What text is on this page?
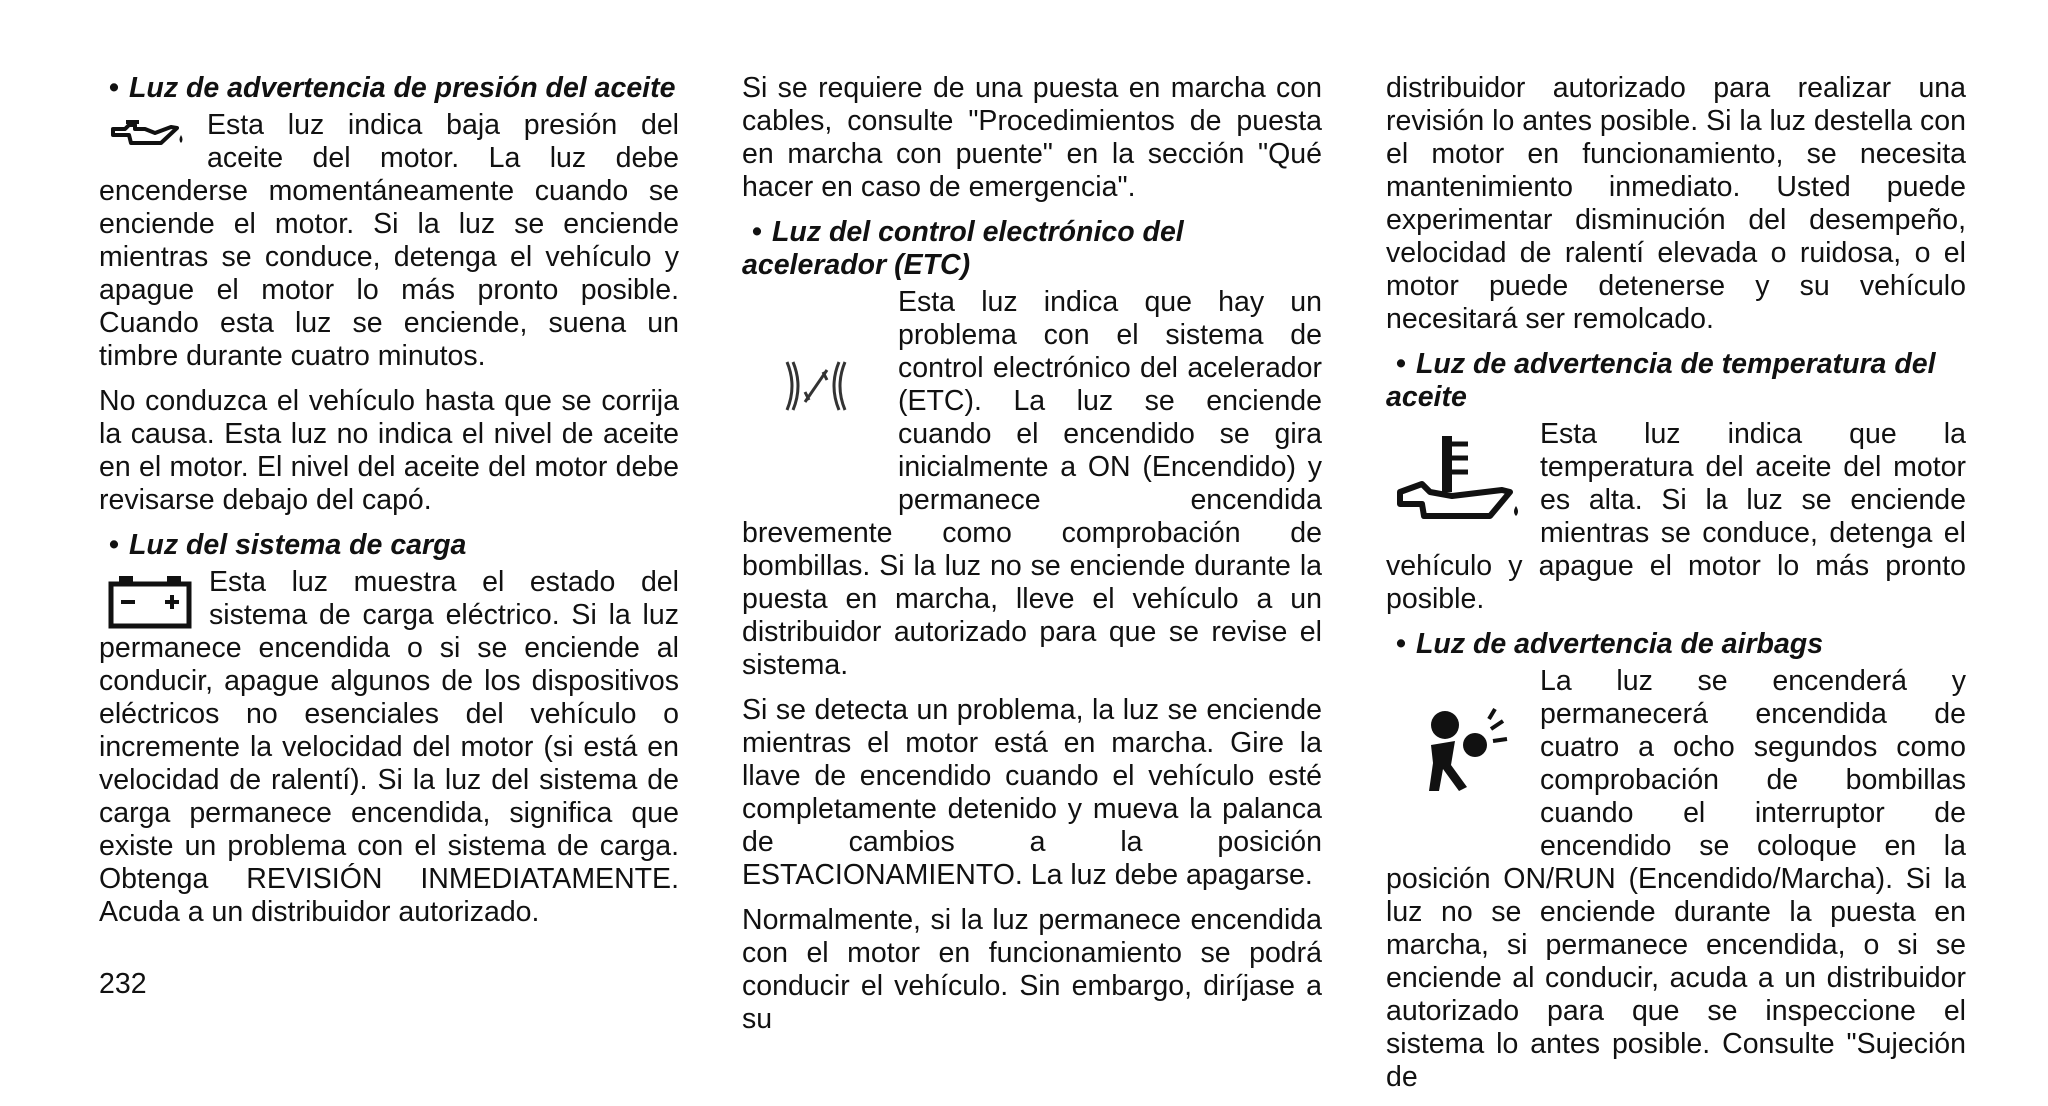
• Luz de advertencia de presión del aceite

Esta luz indica baja presión del aceite del motor. La luz debe encenderse momentáneamente cuando se enciende el motor. Si la luz se enciende mientras se conduce, detenga el vehículo y apague el motor lo más pronto posible. Cuando esta luz se enciende, suena un timbre durante cuatro minutos.

No conduzca el vehículo hasta que se corrija la causa. Esta luz no indica el nivel de aceite en el motor. El nivel del aceite del motor debe revisarse debajo del capó.

• Luz del sistema de carga

Esta luz muestra el estado del sistema de carga eléctrico. Si la luz permanece encendida o si se enciende al conducir, apague algunos de los dispositivos eléctricos no esenciales del vehículo o incremente la velocidad del motor (si está en velocidad de ralentí). Si la luz del sistema de carga permanece encendida, significa que existe un problema con el sistema de carga. Obtenga REVISIÓN INMEDIATAMENTE. Acuda a un distribuidor autorizado.

Si se requiere de una puesta en marcha con cables, consulte "Procedimientos de puesta en marcha con puente" en la sección "Qué hacer en caso de emergencia".

• Luz del control electrónico del acelerador (ETC)

Esta luz indica que hay un problema con el sistema de control electrónico del acelerador (ETC). La luz se enciende cuando el encendido se gira inicialmente a ON (Encendido) y permanece encendida brevemente como comprobación de bombillas. Si la luz no se enciende durante la puesta en marcha, lleve el vehículo a un distribuidor autorizado para que se revise el sistema.

Si se detecta un problema, la luz se enciende mientras el motor está en marcha. Gire la llave de encendido cuando el vehículo esté completamente detenido y mueva la palanca de cambios a la posición ESTACIONAMIENTO. La luz debe apagarse.

Normalmente, si la luz permanece encendida con el motor en funcionamiento se podrá conducir el vehículo. Sin embargo, diríjase a su

distribuidor autorizado para realizar una revisión lo antes posible. Si la luz destella con el motor en funcionamiento, se necesita mantenimiento inmediato. Usted puede experimentar disminución del desempeño, velocidad de ralentí elevada o ruidosa, o el motor puede detenerse y su vehículo necesitará ser remolcado.

• Luz de advertencia de temperatura del aceite

Esta luz indica que la temperatura del aceite del motor es alta. Si la luz se enciende mientras se conduce, detenga el vehículo y apague el motor lo más pronto posible.

• Luz de advertencia de airbags

La luz se encenderá y permanecerá encendida de cuatro a ocho segundos como comprobación de bombillas cuando el interruptor de encendido se coloque en la posición ON/RUN (Encendido/Marcha). Si la luz no se enciende durante la puesta en marcha, si permanece encendida, o si se enciende al conducir, acuda a un distribuidor autorizado para que se inspeccione el sistema lo antes posible. Consulte "Sujeción de

232
